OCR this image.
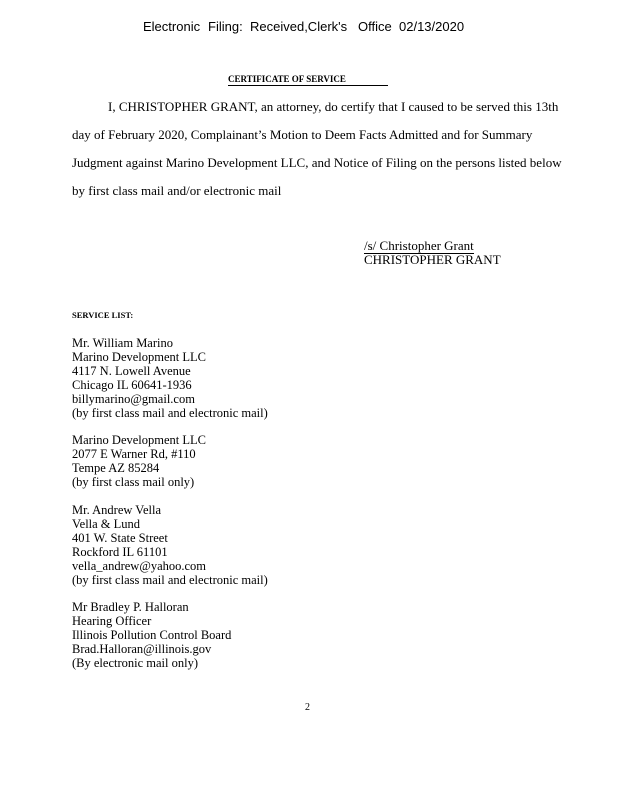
Electronic Filing: Received,Clerk's Office 02/13/2020
CERTIFICATE OF SERVICE
I, CHRISTOPHER GRANT, an attorney, do certify that I caused to be served this 13th
day of February 2020, Complainant’s Motion to Deem Facts Admitted and for Summary
Judgment against Marino Development LLC, and Notice of Filing on the persons listed below
by first class mail and/or electronic mail
/s/ Christopher Grant
CHRISTOPHER GRANT
SERVICE LIST:
Mr. William Marino
Marino Development LLC
4117 N. Lowell Avenue
Chicago IL 60641-1936
billymarino@gmail.com
(by first class mail and electronic mail)
Marino Development LLC
2077 E Warner Rd, #110
Tempe AZ 85284
(by first class mail only)
Mr. Andrew Vella
Vella & Lund
401 W. State Street
Rockford IL 61101
vella_andrew@yahoo.com
(by first class mail and electronic mail)
Mr Bradley P. Halloran
Hearing Officer
Illinois Pollution Control Board
Brad.Halloran@illinois.gov
(By electronic mail only)
2
